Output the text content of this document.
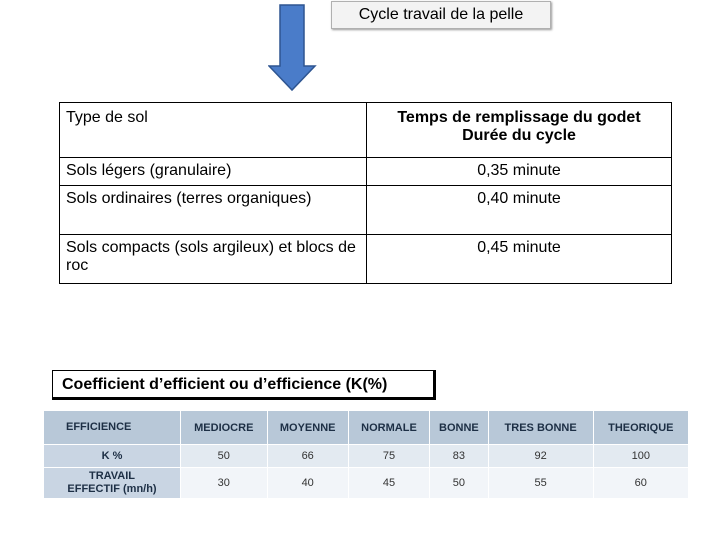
Cycle travail de la pelle
Type de sol	Temps de remplissage du godet
Durée du cycle
Sols légers (granulaire)	0,35 minute
Sols ordinaires (terres organiques)	0,40 minute
Sols compacts (sols argileux) et blocs de roc	0,45 minute
Coefficient d’efficient ou d’efficience (K(%)
EFFICIENCE	MEDIOCRE	MOYENNE	NORMALE	BONNE	TRES BONNE	THEORIQUE
K %	50	66	75	83	92	100
TRAVAIL
EFFECTIF (mn/h)	30	40	45	50	55	60
